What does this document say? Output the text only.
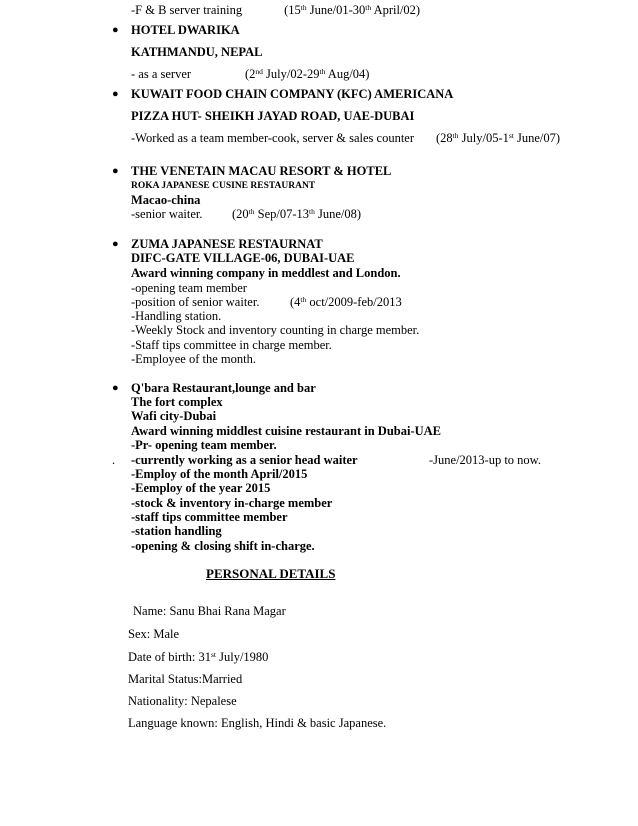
-F & B server training	(15th June/01-30th April/02)
● HOTEL DWARIKA
KATHMANDU, NEPAL
- as a server	(2nd July/02-29th Aug/04)
● KUWAIT FOOD CHAIN COMPANY (KFC) AMERICANA
PIZZA HUT- SHEIKH JAYAD ROAD, UAE-DUBAI
-Worked as a team member-cook, server & sales counter (28th July/05-1st June/07)
● THE VENETAIN MACAU RESORT & HOTEL
ROKA JAPANESE CUSINE RESTAURANT
Macao-china
-senior waiter. (20th Sep/07-13th June/08)
● ZUMA JAPANESE RESTAURNAT
DIFC-GATE VILLAGE-06, DUBAI-UAE
Award winning company in meddlest and London.
-opening team member
-position of senior waiter. (4th oct/2009-feb/2013
-Handling station.
-Weekly Stock and inventory counting in charge member.
-Staff tips committee in charge member.
-Employee of the month.
● Q'bara Restaurant,lounge and bar
The fort complex
Wafi city-Dubai
Award winning middlest cuisine restaurant in Dubai-UAE
-Pr- opening team member.
. -currently working as a senior head waiter	-June/2013-up to now.
-Employ of the month April/2015
-Eemploy of the year 2015
-stock & inventory in-charge member
-staff tips committee member
-station handling
-opening & closing shift in-charge.
PERSONAL DETAILS
Name: Sanu Bhai Rana Magar
Sex: Male
Date of birth: 31st July/1980
Marital Status:Married
Nationality: Nepalese
Language known: English, Hindi & basic Japanese.
